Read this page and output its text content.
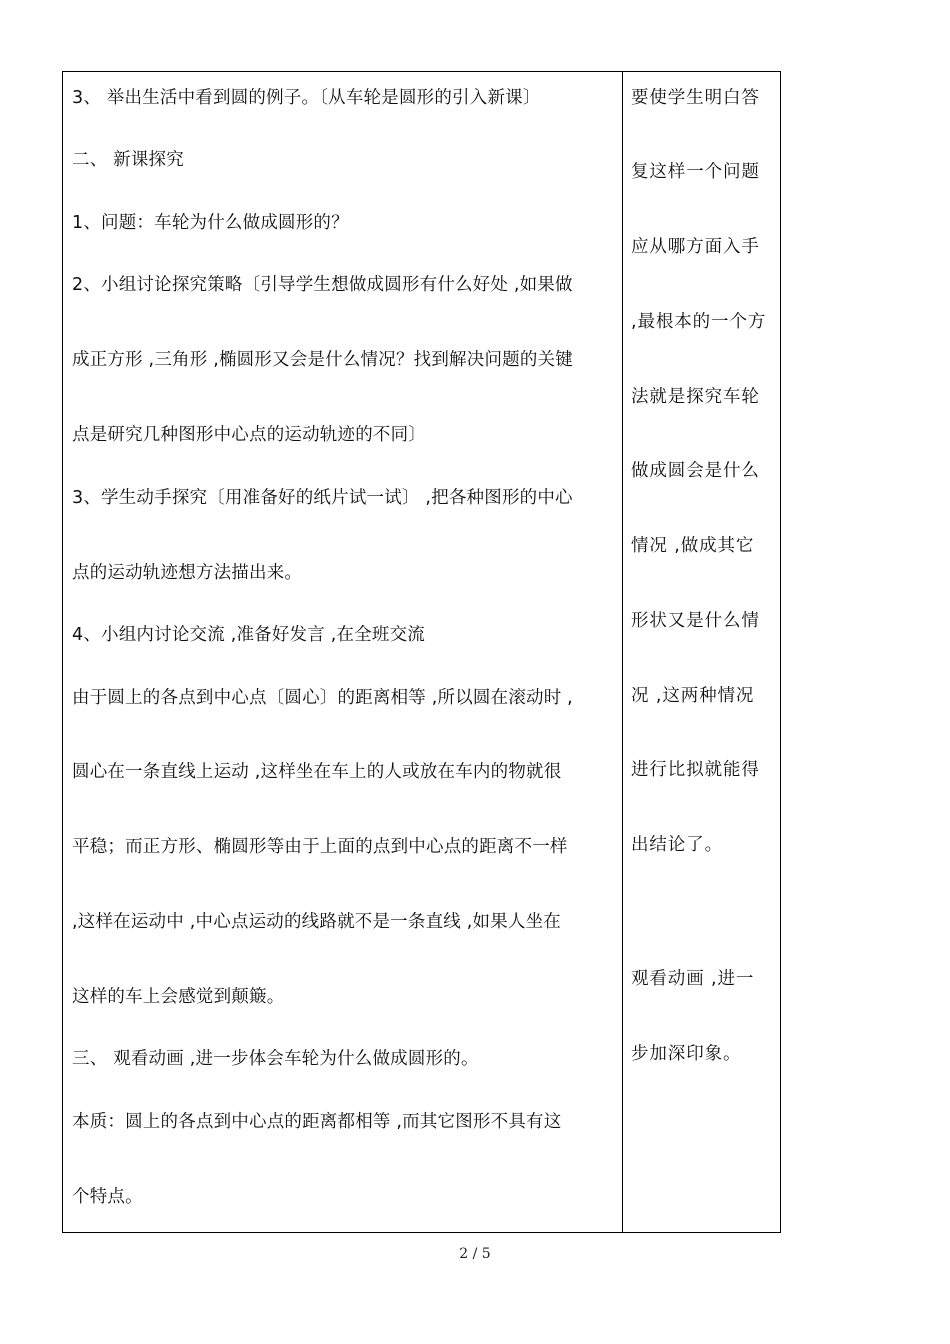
3、 举出生活中看到圆的例子。〔从车轮是圆形的引入新课〕
二、 新课探究
1、问题：车轮为什么做成圆形的？
2、小组讨论探究策略〔引导学生想做成圆形有什么好处 ,如果做
成正方形 ,三角形 ,椭圆形又会是什么情况？找到解决问题的关键
点是研究几种图形中心点的运动轨迹的不同〕
3、学生动手探究〔用准备好的纸片试一试〕 ,把各种图形的中心
点的运动轨迹想方法描出来。
4、小组内讨论交流 ,准备好发言 ,在全班交流
由于圆上的各点到中心点〔圆心〕的距离相等 ,所以圆在滚动时 ,
圆心在一条直线上运动 ,这样坐在车上的人或放在车内的物就很
平稳；而正方形、椭圆形等由于上面的点到中心点的距离不一样
,这样在运动中 ,中心点运动的线路就不是一条直线 ,如果人坐在
这样的车上会感觉到颠簸。
三、 观看动画 ,进一步体会车轮为什么做成圆形的。
本质：圆上的各点到中心点的距离都相等 ,而其它图形不具有这
个特点。
要使学生明白答
复这样一个问题
应从哪方面入手
,最根本的一个方
法就是探究车轮
做成圆会是什么
情况 ,做成其它
形状又是什么情
况 ,这两种情况
进行比拟就能得
出结论了。
观看动画 ,进一
步加深印象。
2 / 5
